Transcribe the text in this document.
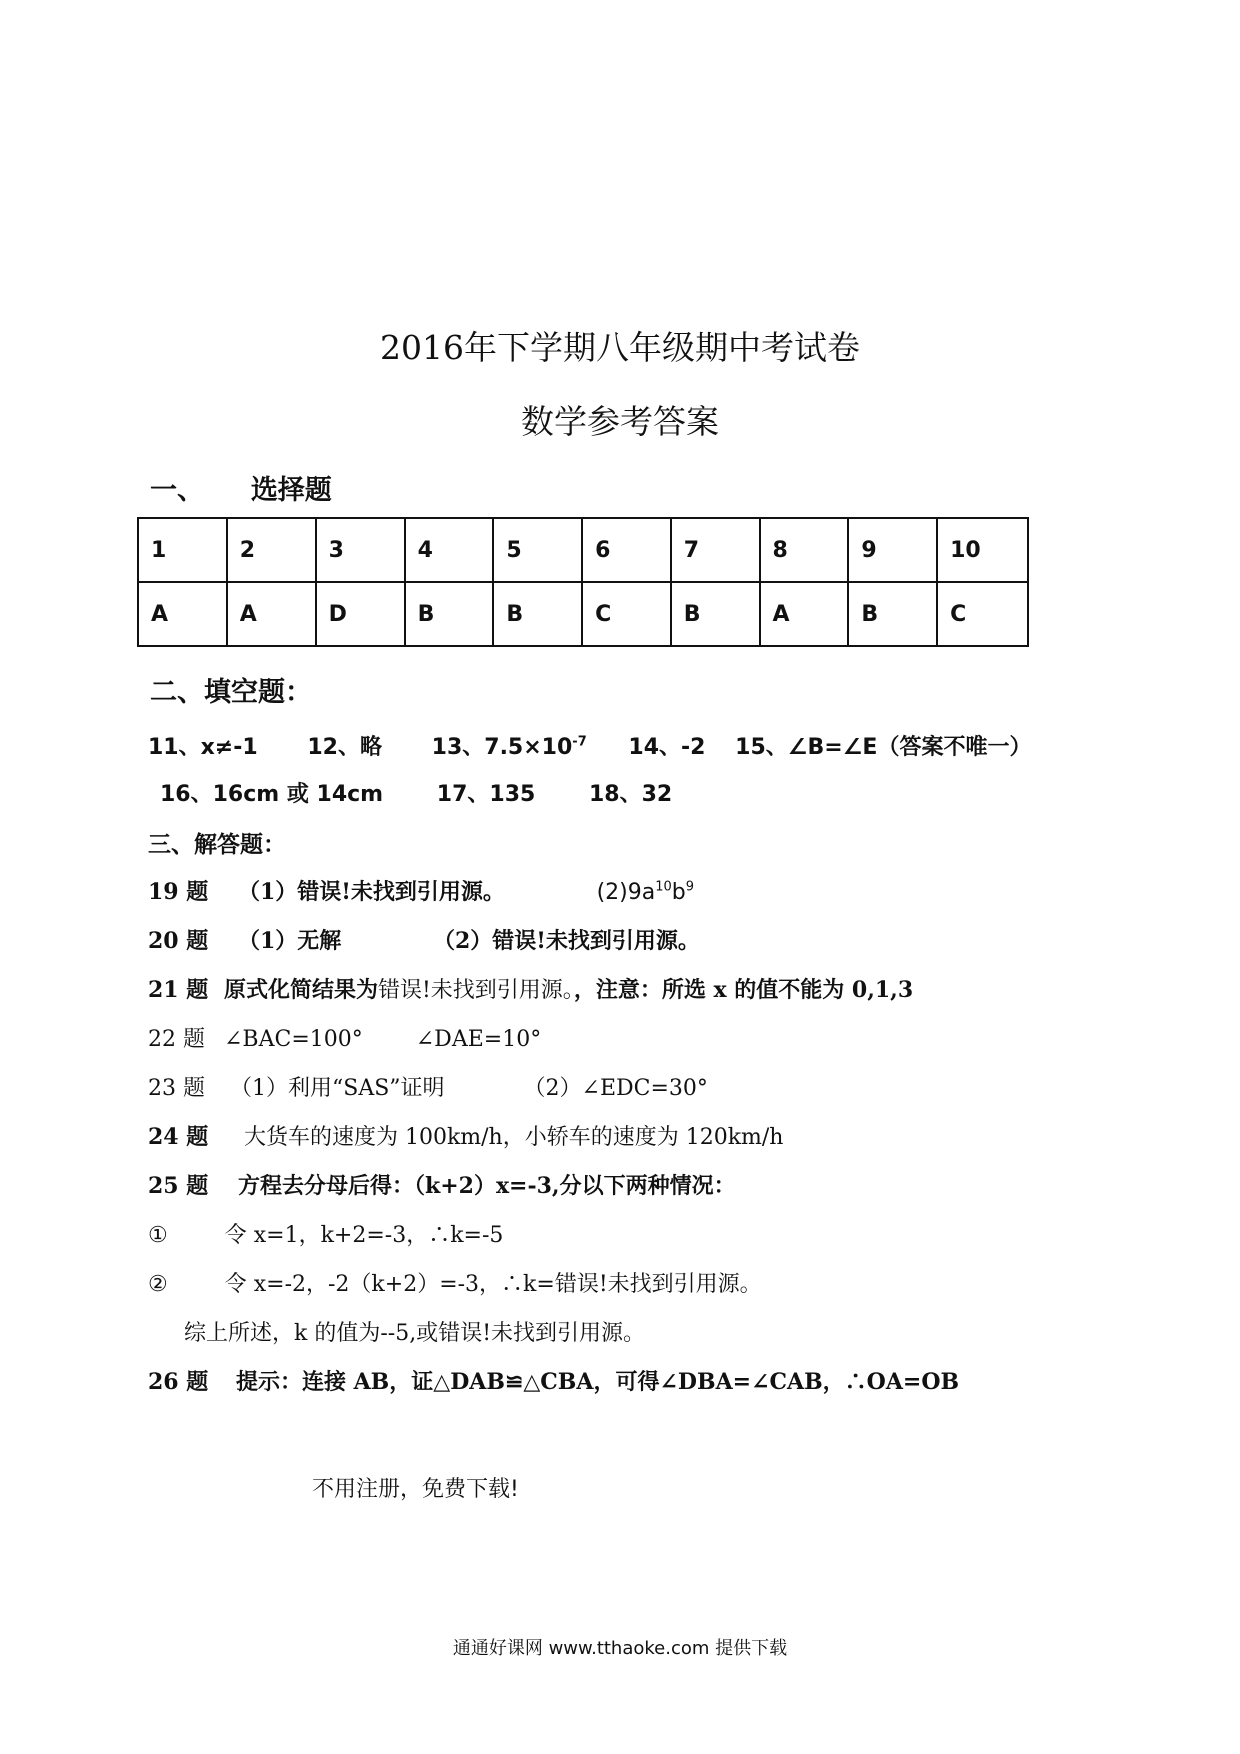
2016年下学期八年级期中考试卷
数学参考答案
一、 选择题
1	2	3	4	5	6	7	8	9	10
A	A	D	B	B	C	B	A	B	C
二、填空题：
11、x≠-1 12、略 13、$7.5\times 10^{-7}$ 14、-2 15、∠B=∠E（答案不唯一）
16、16cm 或 14cm 17、135 18、32
三、解答题：
19 题 （1）错误!未找到引用源。	$(2)9a^{10}b^9$
20 题 （1）无解	（2）错误!未找到引用源。
21 题 原式化简结果为错误!未找到引用源。，注意：所选 x 的值不能为 0,1,3
22 题 ∠BAC=100° ∠DAE=10°
23 题 （1）利用“SAS”证明	（2）∠EDC=30°
24 题 大货车的速度为 100km/h，小轿车的速度为 120km/h
25 题 方程去分母后得：（k+2）x=-3,分以下两种情况：
①	令 x=1，k+2=-3，∴k=-5
②	令 x=-2，-2（k+2）=-3，∴k=错误!未找到引用源。
综上所述，k 的值为--5,或错误!未找到引用源。
26 题 提示：连接 AB，证△DAB≌△CBA，可得∠DBA=∠CAB，∴OA=OB
不用注册，免费下载!
通通好课网 www.tthaoke.com 提供下载
